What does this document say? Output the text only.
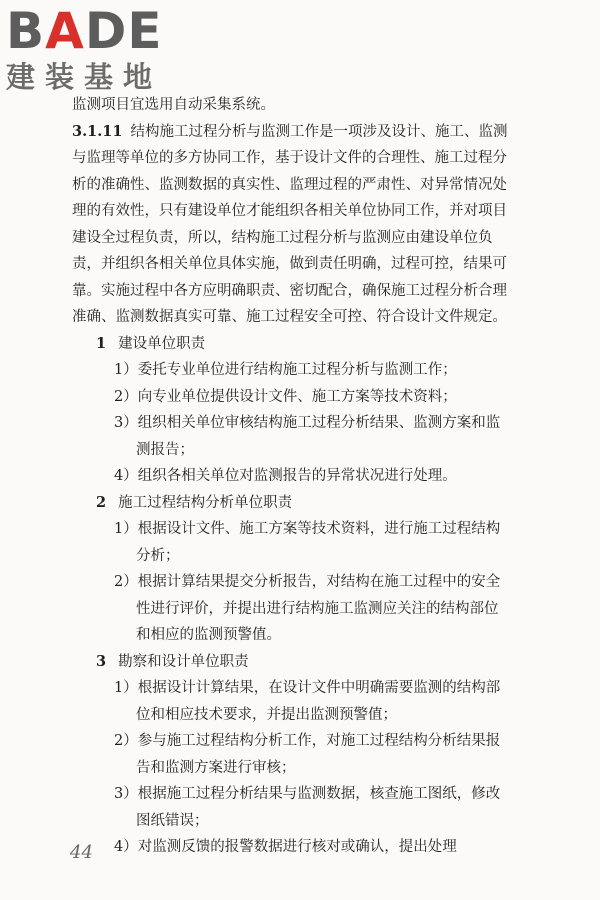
BADE
建装基地

监测项目宜选用自动采集系统。

3.1.11 结构施工过程分析与监测工作是一项涉及设计、施工、监测与监理等单位的多方协同工作，基于设计文件的合理性、施工过程分析的准确性、监测数据的真实性、监理过程的严肃性、对异常情况处理的有效性，只有建设单位才能组织各相关单位协同工作，并对项目建设全过程负责，所以，结构施工过程分析与监测应由建设单位负责，并组织各相关单位具体实施，做到责任明确，过程可控，结果可靠。实施过程中各方应明确职责、密切配合，确保施工过程分析合理准确、监测数据真实可靠、施工过程安全可控、符合设计文件规定。

1 建设单位职责

1）委托专业单位进行结构施工过程分析与监测工作；

2）向专业单位提供设计文件、施工方案等技术资料；

3）组织相关单位审核结构施工过程分析结果、监测方案和监测报告；

4）组织各相关单位对监测报告的异常状况进行处理。

2 施工过程结构分析单位职责

1）根据设计文件、施工方案等技术资料，进行施工过程结构分析；

2）根据计算结果提交分析报告，对结构在施工过程中的安全性进行评价，并提出进行结构施工监测应关注的结构部位和相应的监测预警值。

3 勘察和设计单位职责

1）根据设计计算结果，在设计文件中明确需要监测的结构部位和相应技术要求，并提出监测预警值；

2）参与施工过程结构分析工作，对施工过程结构分析结果报告和监测方案进行审核；

3）根据施工过程分析结果与监测数据，核查施工图纸，修改图纸错误；

4）对监测反馈的报警数据进行核对或确认，提出处理

44
